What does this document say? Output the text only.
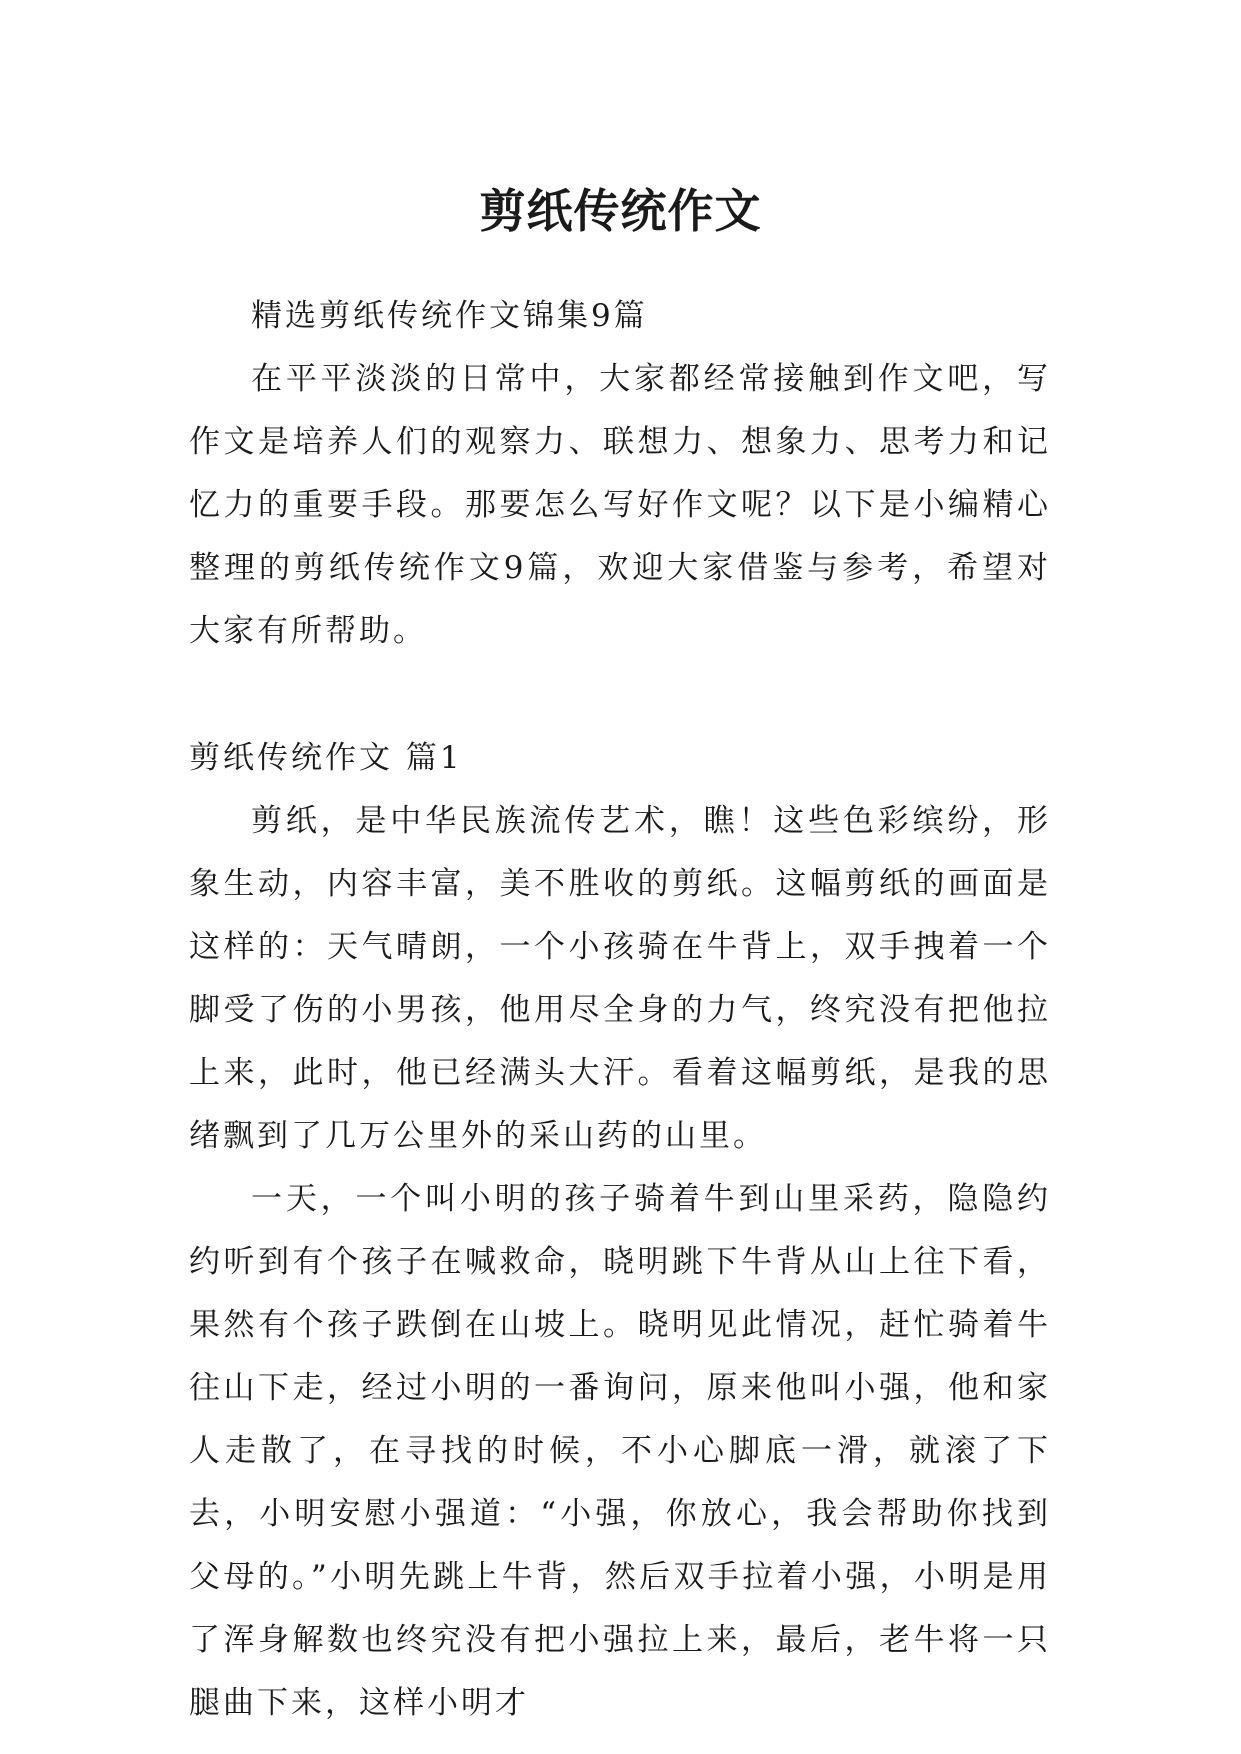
剪纸传统作文

精选剪纸传统作文锦集9篇

在平平淡淡的日常中，大家都经常接触到作文吧，写作文是培养人们的观察力、联想力、想象力、思考力和记忆力的重要手段。那要怎么写好作文呢？以下是小编精心整理的剪纸传统作文9篇，欢迎大家借鉴与参考，希望对大家有所帮助。

剪纸传统作文 篇1

剪纸，是中华民族流传艺术，瞧！这些色彩缤纷，形象生动，内容丰富，美不胜收的剪纸。这幅剪纸的画面是这样的：天气晴朗，一个小孩骑在牛背上，双手拽着一个脚受了伤的小男孩，他用尽全身的力气，终究没有把他拉上来，此时，他已经满头大汗。看着这幅剪纸，是我的思绪飘到了几万公里外的采山药的山里。

一天，一个叫小明的孩子骑着牛到山里采药，隐隐约约听到有个孩子在喊救命，晓明跳下牛背从山上往下看，果然有个孩子跌倒在山坡上。晓明见此情况，赶忙骑着牛往山下走，经过小明的一番询问，原来他叫小强，他和家人走散了，在寻找的时候，不小心脚底一滑，就滚了下去，小明安慰小强道：“小强，你放心，我会帮助你找到父母的。”小明先跳上牛背，然后双手拉着小强，小明是用了浑身解数也终究没有把小强拉上来，最后，老牛将一只腿曲下来，这样小明才
